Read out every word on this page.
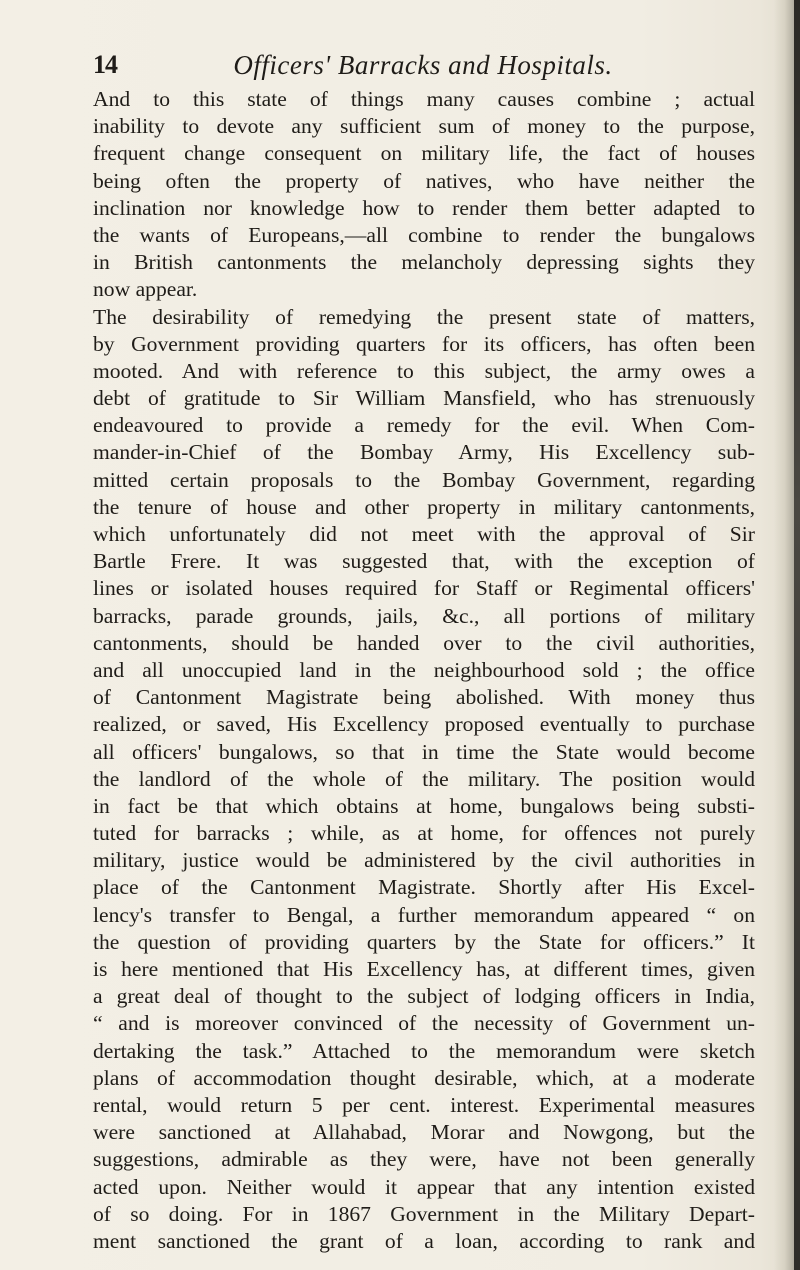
14	Officers' Barracks and Hospitals.
And to this state of things many causes combine ; actual
inability to devote any sufficient sum of money to the purpose,
frequent change consequent on military life, the fact of houses
being often the property of natives, who have neither the
inclination nor knowledge how to render them better adapted to
the wants of Europeans,—all combine to render the bungalows
in British cantonments the melancholy depressing sights they
now appear.
The desirability of remedying the present state of matters,
by Government providing quarters for its officers, has often been
mooted. And with reference to this subject, the army owes a
debt of gratitude to Sir William Mansfield, who has strenuously
endeavoured to provide a remedy for the evil. When Com-
mander-in-Chief of the Bombay Army, His Excellency sub-
mitted certain proposals to the Bombay Government, regarding
the tenure of house and other property in military cantonments,
which unfortunately did not meet with the approval of Sir
Bartle Frere. It was suggested that, with the exception of
lines or isolated houses required for Staff or Regimental officers'
barracks, parade grounds, jails, &c., all portions of military
cantonments, should be handed over to the civil authorities,
and all unoccupied land in the neighbourhood sold ; the office
of Cantonment Magistrate being abolished. With money thus
realized, or saved, His Excellency proposed eventually to purchase
all officers' bungalows, so that in time the State would become
the landlord of the whole of the military. The position would
in fact be that which obtains at home, bungalows being substi-
tuted for barracks ; while, as at home, for offences not purely
military, justice would be administered by the civil authorities in
place of the Cantonment Magistrate. Shortly after His Excel-
lency's transfer to Bengal, a further memorandum appeared “ on
the question of providing quarters by the State for officers.” It
is here mentioned that His Excellency has, at different times, given
a great deal of thought to the subject of lodging officers in India,
“ and is moreover convinced of the necessity of Government un-
dertaking the task.” Attached to the memorandum were sketch
plans of accommodation thought desirable, which, at a moderate
rental, would return 5 per cent. interest. Experimental measures
were sanctioned at Allahabad, Morar and Nowgong, but the
suggestions, admirable as they were, have not been generally
acted upon. Neither would it appear that any intention existed
of so doing. For in 1867 Government in the Military Depart-
ment sanctioned the grant of a loan, according to rank and
